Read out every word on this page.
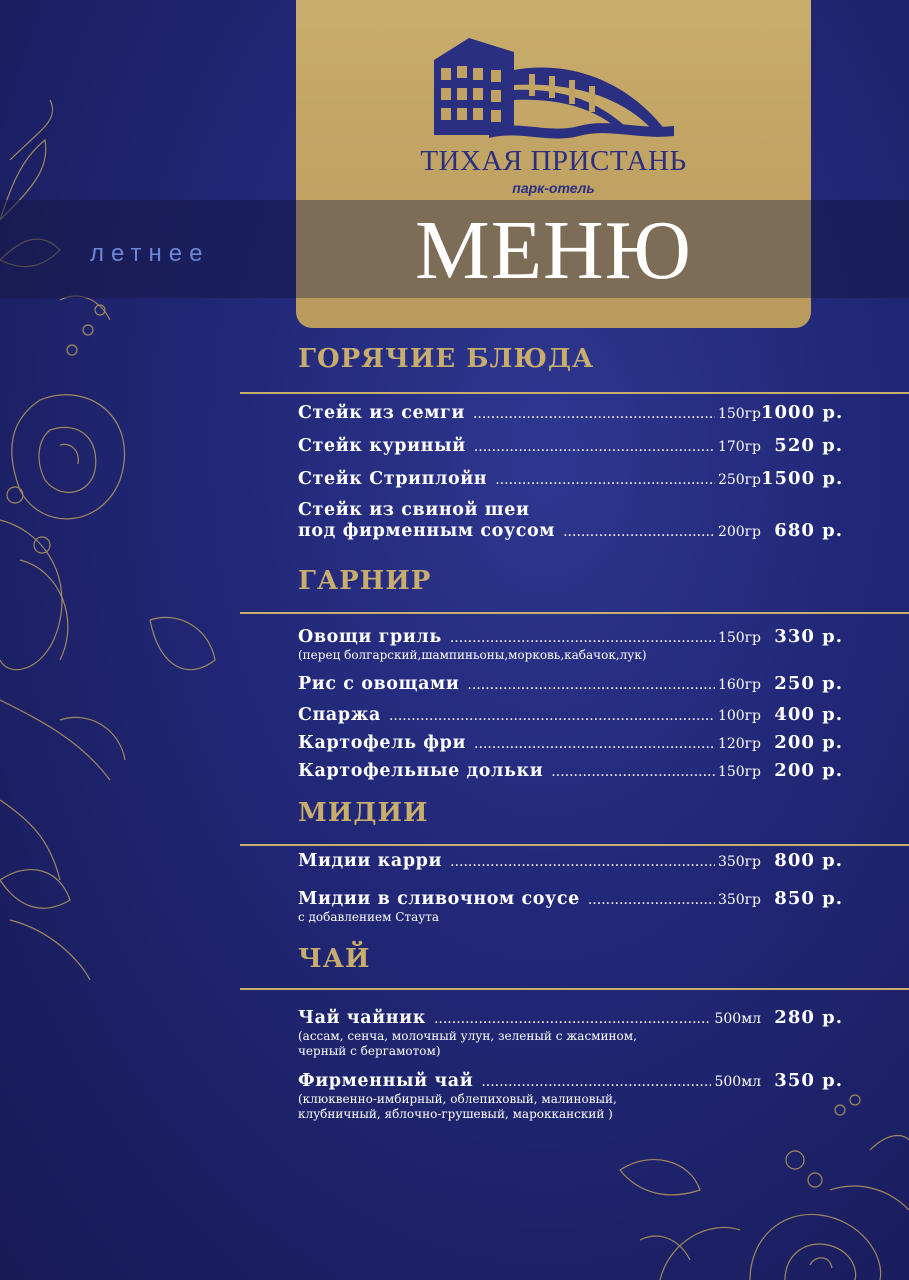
ТИХАЯ ПРИСТАНЬ
парк-отель
МЕНЮ
летнее
ГОРЯЧИЕ БЛЮДА
Стейк из семги .....	150гр 1000 р.
Стейк куриный .....	170гр 520 р.
Стейк Стриплойн .....	250гр 1500 р.
Стейк из свиной шеи
под фирменным соусом .....	200гр 680 р.
ГАРНИР
Овощи гриль .....	150гр 330 р.
(перец болгарский,шампиньоны,морковь,кабачок,лук)
Рис с овощами .....	160гр 250 р.
Спаржа .....	100гр 400 р.
Картофель фри .....	120гр 200 р.
Картофельные дольки .....	150гр 200 р.
МИДИИ
Мидии карри .....	350гр 800 р.
Мидии в сливочном соусе .....	350гр 850 р.
с добавлением Стаута
ЧАЙ
Чай чайник .....	500мл 280 р.
(ассам, сенча, молочный улун, зеленый с жасмином,
черный с бергамотом)
Фирменный чай .....	500мл 350 р.
(клюквенно-имбирный, облепиховый, малиновый,
клубничный, яблочно-грушевый, марокканский )
